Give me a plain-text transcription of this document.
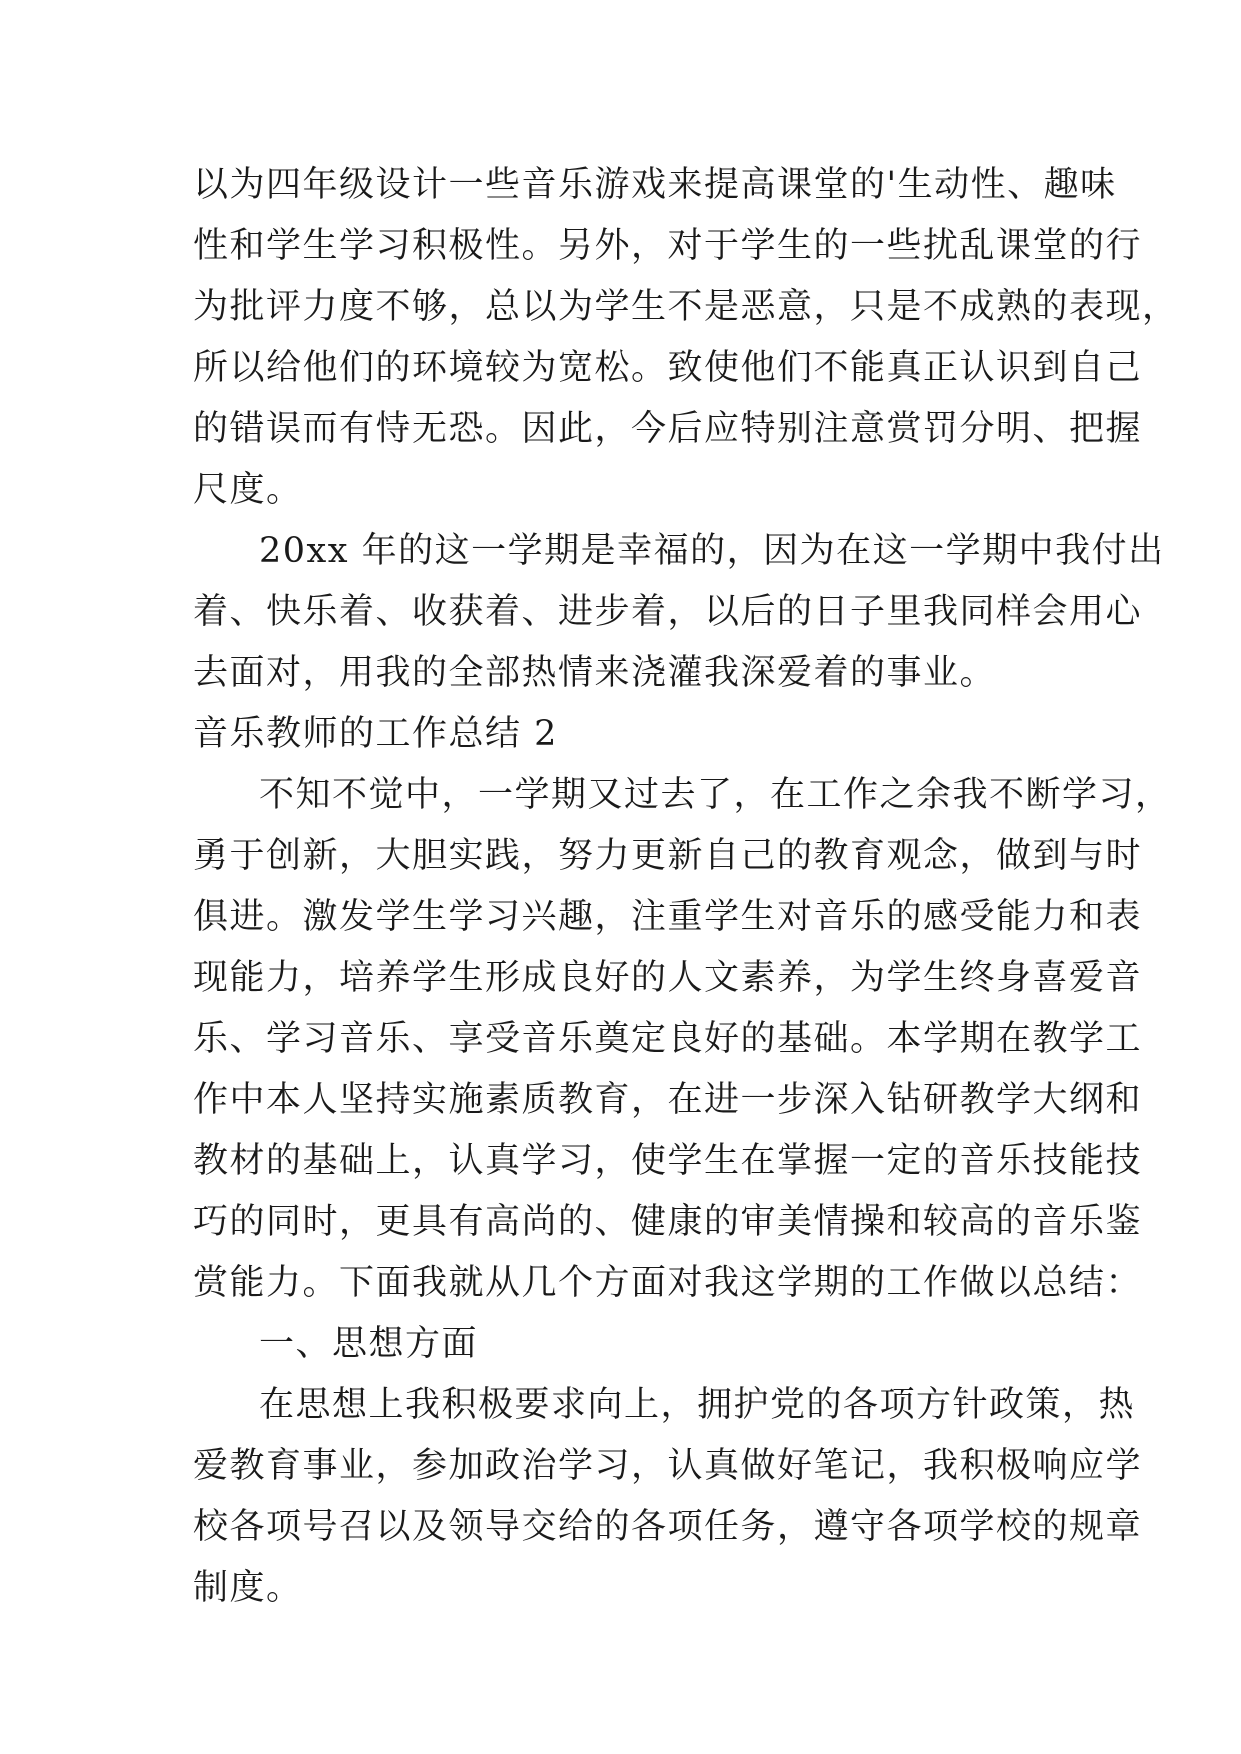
以为四年级设计一些音乐游戏来提高课堂的'生动性、趣味
性和学生学习积极性。另外，对于学生的一些扰乱课堂的行
为批评力度不够，总以为学生不是恶意，只是不成熟的表现，
所以给他们的环境较为宽松。致使他们不能真正认识到自己
的错误而有恃无恐。因此，今后应特别注意赏罚分明、把握
尺度。
20xx 年的这一学期是幸福的，因为在这一学期中我付出
着、快乐着、收获着、进步着，以后的日子里我同样会用心
去面对，用我的全部热情来浇灌我深爱着的事业。
音乐教师的工作总结 2
不知不觉中，一学期又过去了，在工作之余我不断学习，
勇于创新，大胆实践，努力更新自己的教育观念，做到与时
俱进。激发学生学习兴趣，注重学生对音乐的感受能力和表
现能力，培养学生形成良好的人文素养，为学生终身喜爱音
乐、学习音乐、享受音乐奠定良好的基础。本学期在教学工
作中本人坚持实施素质教育，在进一步深入钻研教学大纲和
教材的基础上，认真学习，使学生在掌握一定的音乐技能技
巧的同时，更具有高尚的、健康的审美情操和较高的音乐鉴
赏能力。下面我就从几个方面对我这学期的工作做以总结：
一、思想方面
在思想上我积极要求向上，拥护党的各项方针政策，热
爱教育事业，参加政治学习，认真做好笔记，我积极响应学
校各项号召以及领导交给的各项任务，遵守各项学校的规章
制度。
